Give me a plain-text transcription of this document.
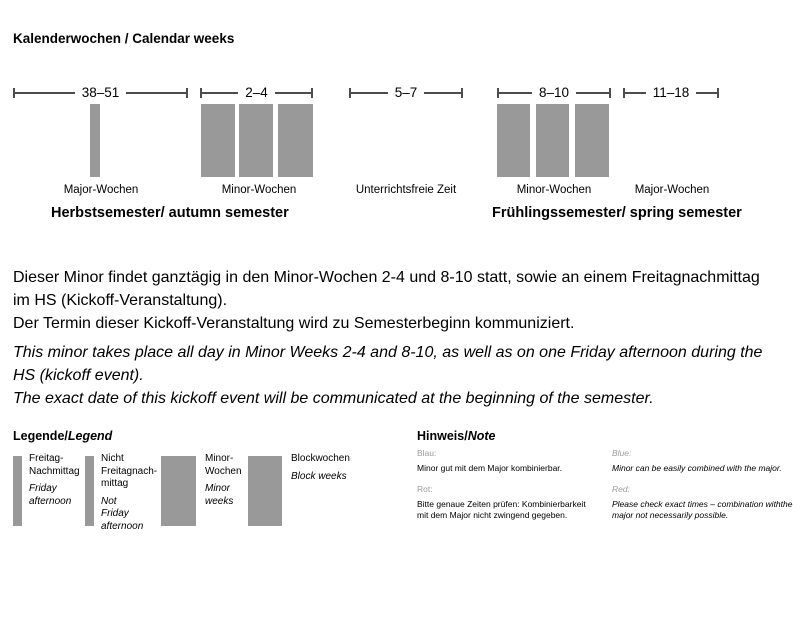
Kalenderwochen / Calendar weeks
38–51	2–4	5–7	8–10	11–18
Major-Wochen	Minor-Wochen	Unterrichtsfreie Zeit	Minor-Wochen	Major-Wochen
Herbstsemester/ autumn semester	Frühlingssemester/ spring semester
Dieser Minor findet ganztägig in den Minor-Wochen 2-4 und 8-10 statt, sowie an einem Freitagnachmittag
im HS (Kickoff-Veranstaltung).
Der Termin dieser Kickoff-Veranstaltung wird zu Semesterbeginn kommuniziert.
This minor takes place all day in Minor Weeks 2-4 and 8-10, as well as on one Friday afternoon during the
HS (kickoff event).
The exact date of this kickoff event will be communicated at the beginning of the semester.
Legende/Legend
Freitag-
Nachmittag
Friday
afternoon
Nicht
Freitagnach-
mittag
Not
Friday
afternoon
Minor-
Wochen
Minor
weeks
Blockwochen
Block weeks
Hinweis/Note
Blau:
Minor gut mit dem Major kombinierbar.
Rot:
Bitte genaue Zeiten prüfen: Kombinierbarkeit
mit dem Major nicht zwingend gegeben.
Blue:
Minor can be easily combined with the major.
Red:
Please check exact times – combination withthe
major not necessarily possible.
